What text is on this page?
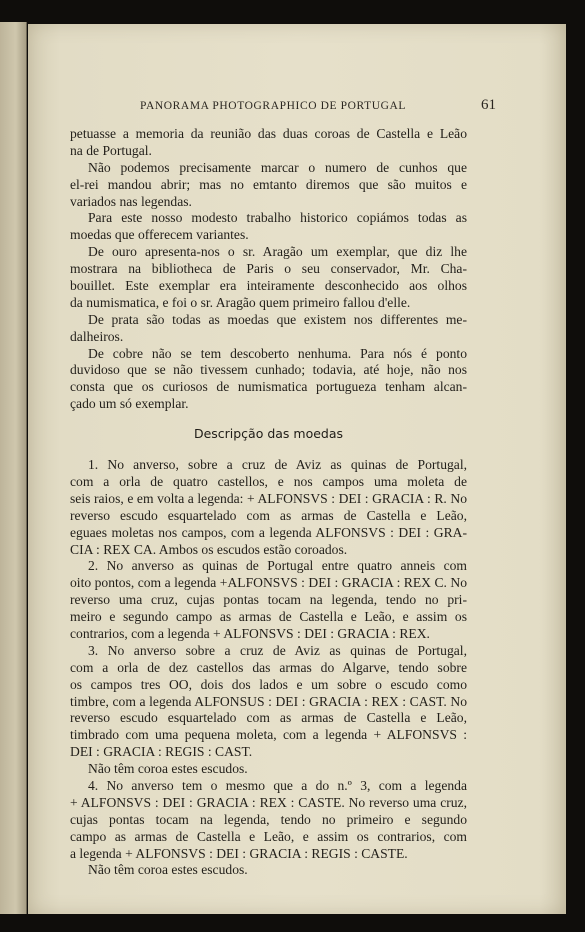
PANORAMA PHOTOGRAPHICO DE PORTUGAL	61
petuasse a memoria da reunião das duas coroas de Castella e Leão
na de Portugal.
Não podemos precisamente marcar o numero de cunhos que
el-rei mandou abrir; mas no emtanto diremos que são muitos e
variados nas legendas.
Para este nosso modesto trabalho historico copiámos todas as
moedas que offerecem variantes.
De ouro apresenta-nos o sr. Aragão um exemplar, que diz lhe
mostrara na bibliotheca de Paris o seu conservador, Mr. Cha-
bouillet. Este exemplar era inteiramente desconhecido aos olhos
da numismatica, e foi o sr. Aragão quem primeiro fallou d'elle.
De prata são todas as moedas que existem nos differentes me-
dalheiros.
De cobre não se tem descoberto nenhuma. Para nós é ponto
duvidoso que se não tivessem cunhado; todavia, até hoje, não nos
consta que os curiosos de numismatica portugueza tenham alcan-
çado um só exemplar.
Descripção das moedas
1. No anverso, sobre a cruz de Aviz as quinas de Portugal,
com a orla de quatro castellos, e nos campos uma moleta de
seis raios, e em volta a legenda: + ALFONSVS : DEI : GRACIA : R. No
reverso escudo esquartelado com as armas de Castella e Leão,
eguaes moletas nos campos, com a legenda ALFONSVS : DEI : GRA-
CIA : REX CA. Ambos os escudos estão coroados.
2. No anverso as quinas de Portugal entre quatro anneis com
oito pontos, com a legenda +ALFONSVS : DEI : GRACIA : REX C. No
reverso uma cruz, cujas pontas tocam na legenda, tendo no pri-
meiro e segundo campo as armas de Castella e Leão, e assim os
contrarios, com a legenda + ALFONSVS : DEI : GRACIA : REX.
3. No anverso sobre a cruz de Aviz as quinas de Portugal,
com a orla de dez castellos das armas do Algarve, tendo sobre
os campos tres OO, dois dos lados e um sobre o escudo como
timbre, com a legenda ALFONSUS : DEI : GRACIA : REX : CAST. No
reverso escudo esquartelado com as armas de Castella e Leão,
timbrado com uma pequena moleta, com a legenda + ALFONSVS :
DEI : GRACIA : REGIS : CAST.
Não têm coroa estes escudos.
4. No anverso tem o mesmo que a do n.º 3, com a legenda
+ ALFONSVS : DEI : GRACIA : REX : CASTE. No reverso uma cruz,
cujas pontas tocam na legenda, tendo no primeiro e segundo
campo as armas de Castella e Leão, e assim os contrarios, com
a legenda + ALFONSVS : DEI : GRACIA : REGIS : CASTE.
Não têm coroa estes escudos.
